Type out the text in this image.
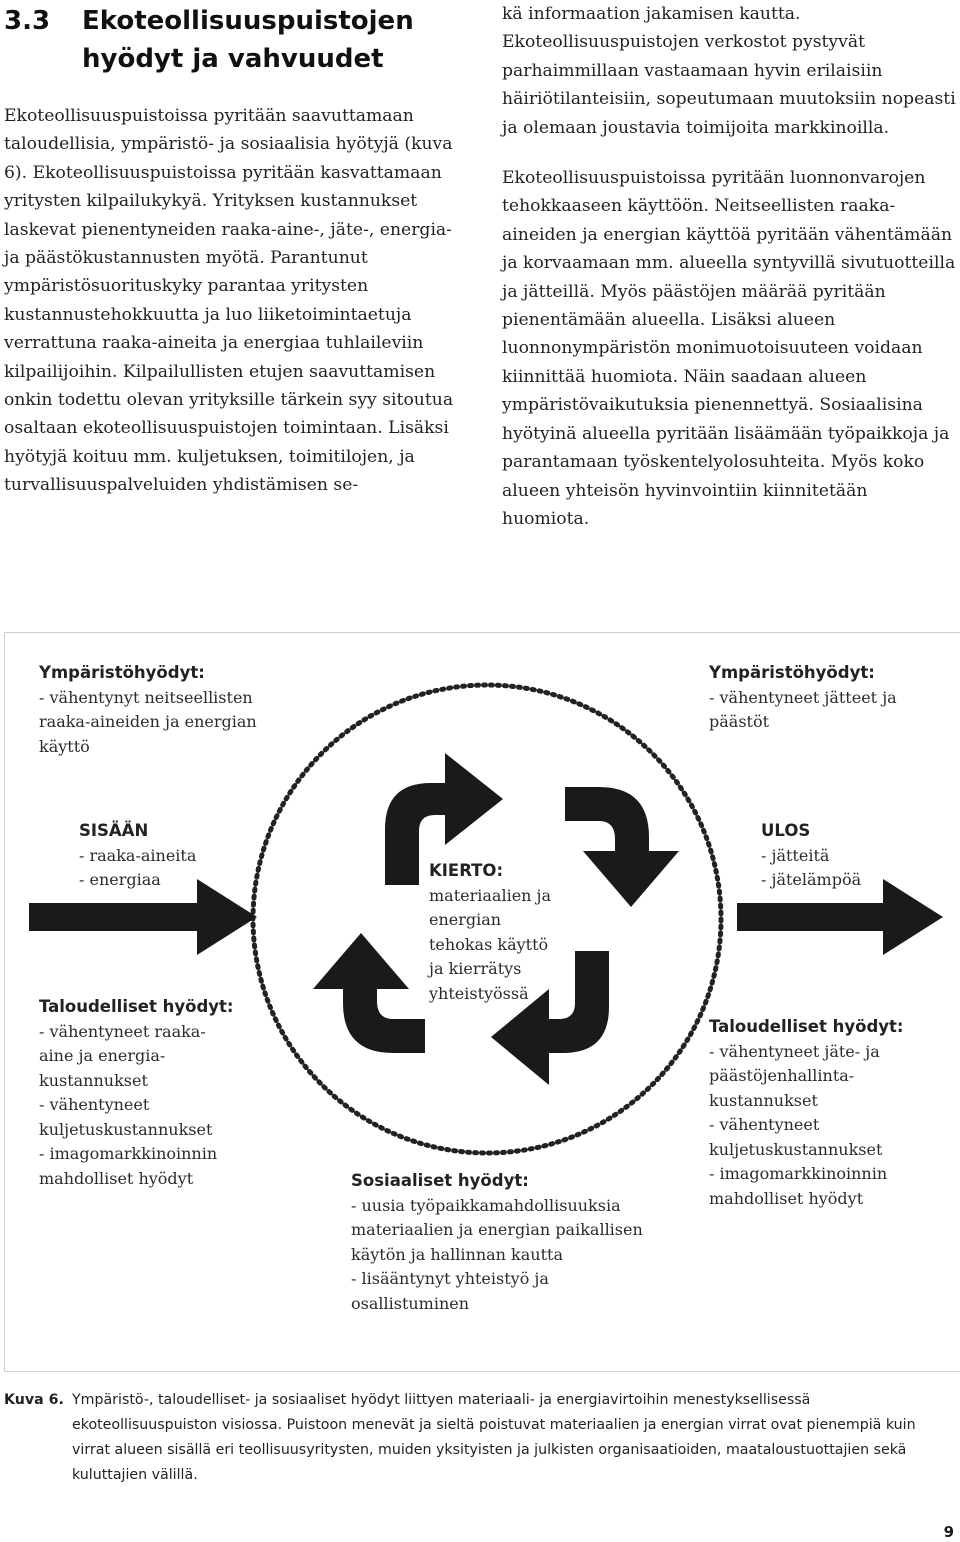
3.3 Ekoteollisuuspuistojen hyödyt ja vahvuudet

Ekoteollisuuspuistoissa pyritään saavuttamaan taloudellisia, ympäristö- ja sosiaalisia hyötyjä (kuva 6). Ekoteollisuuspuistoissa pyritään kasvattamaan yritysten kilpailukykyä. Yrityksen kustannukset laskevat pienentyneiden raaka-aine-, jäte-, energia- ja päästökustannusten myötä. Parantunut ympäristösuorituskyky parantaa yritysten kustannustehokkuutta ja luo liiketoimintaetuja verrattuna raaka-aineita ja energiaa tuhlaileviin kilpailijoihin. Kilpailullisten etujen saavuttamisen onkin todettu olevan yrityksille tärkein syy sitoutua osaltaan ekoteollisuuspuistojen toimintaan. Lisäksi hyötyjä koituu mm. kuljetuksen, toimitilojen, ja turvallisuuspalveluiden yhdistämisen se-

kä informaation jakamisen kautta. Ekoteollisuuspuistojen verkostot pystyvät parhaimmillaan vastaamaan hyvin erilaisiin häiriötilanteisiin, sopeutumaan muutoksiin nopeasti ja olemaan joustavia toimijoita markkinoilla.

Ekoteollisuuspuistoissa pyritään luonnonvarojen tehokkaaseen käyttöön. Neitseellisten raaka-aineiden ja energian käyttöä pyritään vähentämään ja korvaamaan mm. alueella syntyvillä sivutuotteilla ja jätteillä. Myös päästöjen määrää pyritään pienentämään alueella. Lisäksi alueen luonnonympäristön monimuotoisuuteen voidaan kiinnittää huomiota. Näin saadaan alueen ympäristövaikutuksia pienennettyä. Sosiaalisina hyötyinä alueella pyritään lisäämään työpaikkoja ja parantamaan työskentelyolosuhteita. Myös koko alueen yhteisön hyvinvointiin kiinnitetään huomiota.

Ympäristöhyödyt:
- vähentynyt neitseellisten
raaka-aineiden ja energian
käyttö
Ympäristöhyödyt:
- vähentyneet jätteet ja
päästöt
SISÄÄN
- raaka-aineita
- energiaa
ULOS
- jätteitä
- jätelämpöä
KIERTO:
materiaalien ja
energian
tehokas käyttö
ja kierrätys
yhteistyössä
Taloudelliset hyödyt:
- vähentyneet raaka-
aine ja energia-
kustannukset
- vähentyneet
kuljetuskustannukset
- imagomarkkinoinnin
mahdolliset hyödyt
Taloudelliset hyödyt:
- vähentyneet jäte- ja
päästöjenhallinta-
kustannukset
- vähentyneet
kuljetuskustannukset
- imagomarkkinoinnin
mahdolliset hyödyt
Sosiaaliset hyödyt:
- uusia työpaikkamahdollisuuksia
materiaalien ja energian paikallisen
käytön ja hallinnan kautta
- lisääntynyt yhteistyö ja
osallistuminen
Kuva 6. Ympäristö-, taloudelliset- ja sosiaaliset hyödyt liittyen materiaali- ja energiavirtoihin menestyksellisessä ekoteollisuuspuiston visiossa. Puistoon menevät ja sieltä poistuvat materiaalien ja energian virrat ovat pienempiä kuin virrat alueen sisällä eri teollisuusyritysten, muiden yksityisten ja julkisten organisaatioiden, maataloustuottajien sekä kuluttajien välillä.
9
